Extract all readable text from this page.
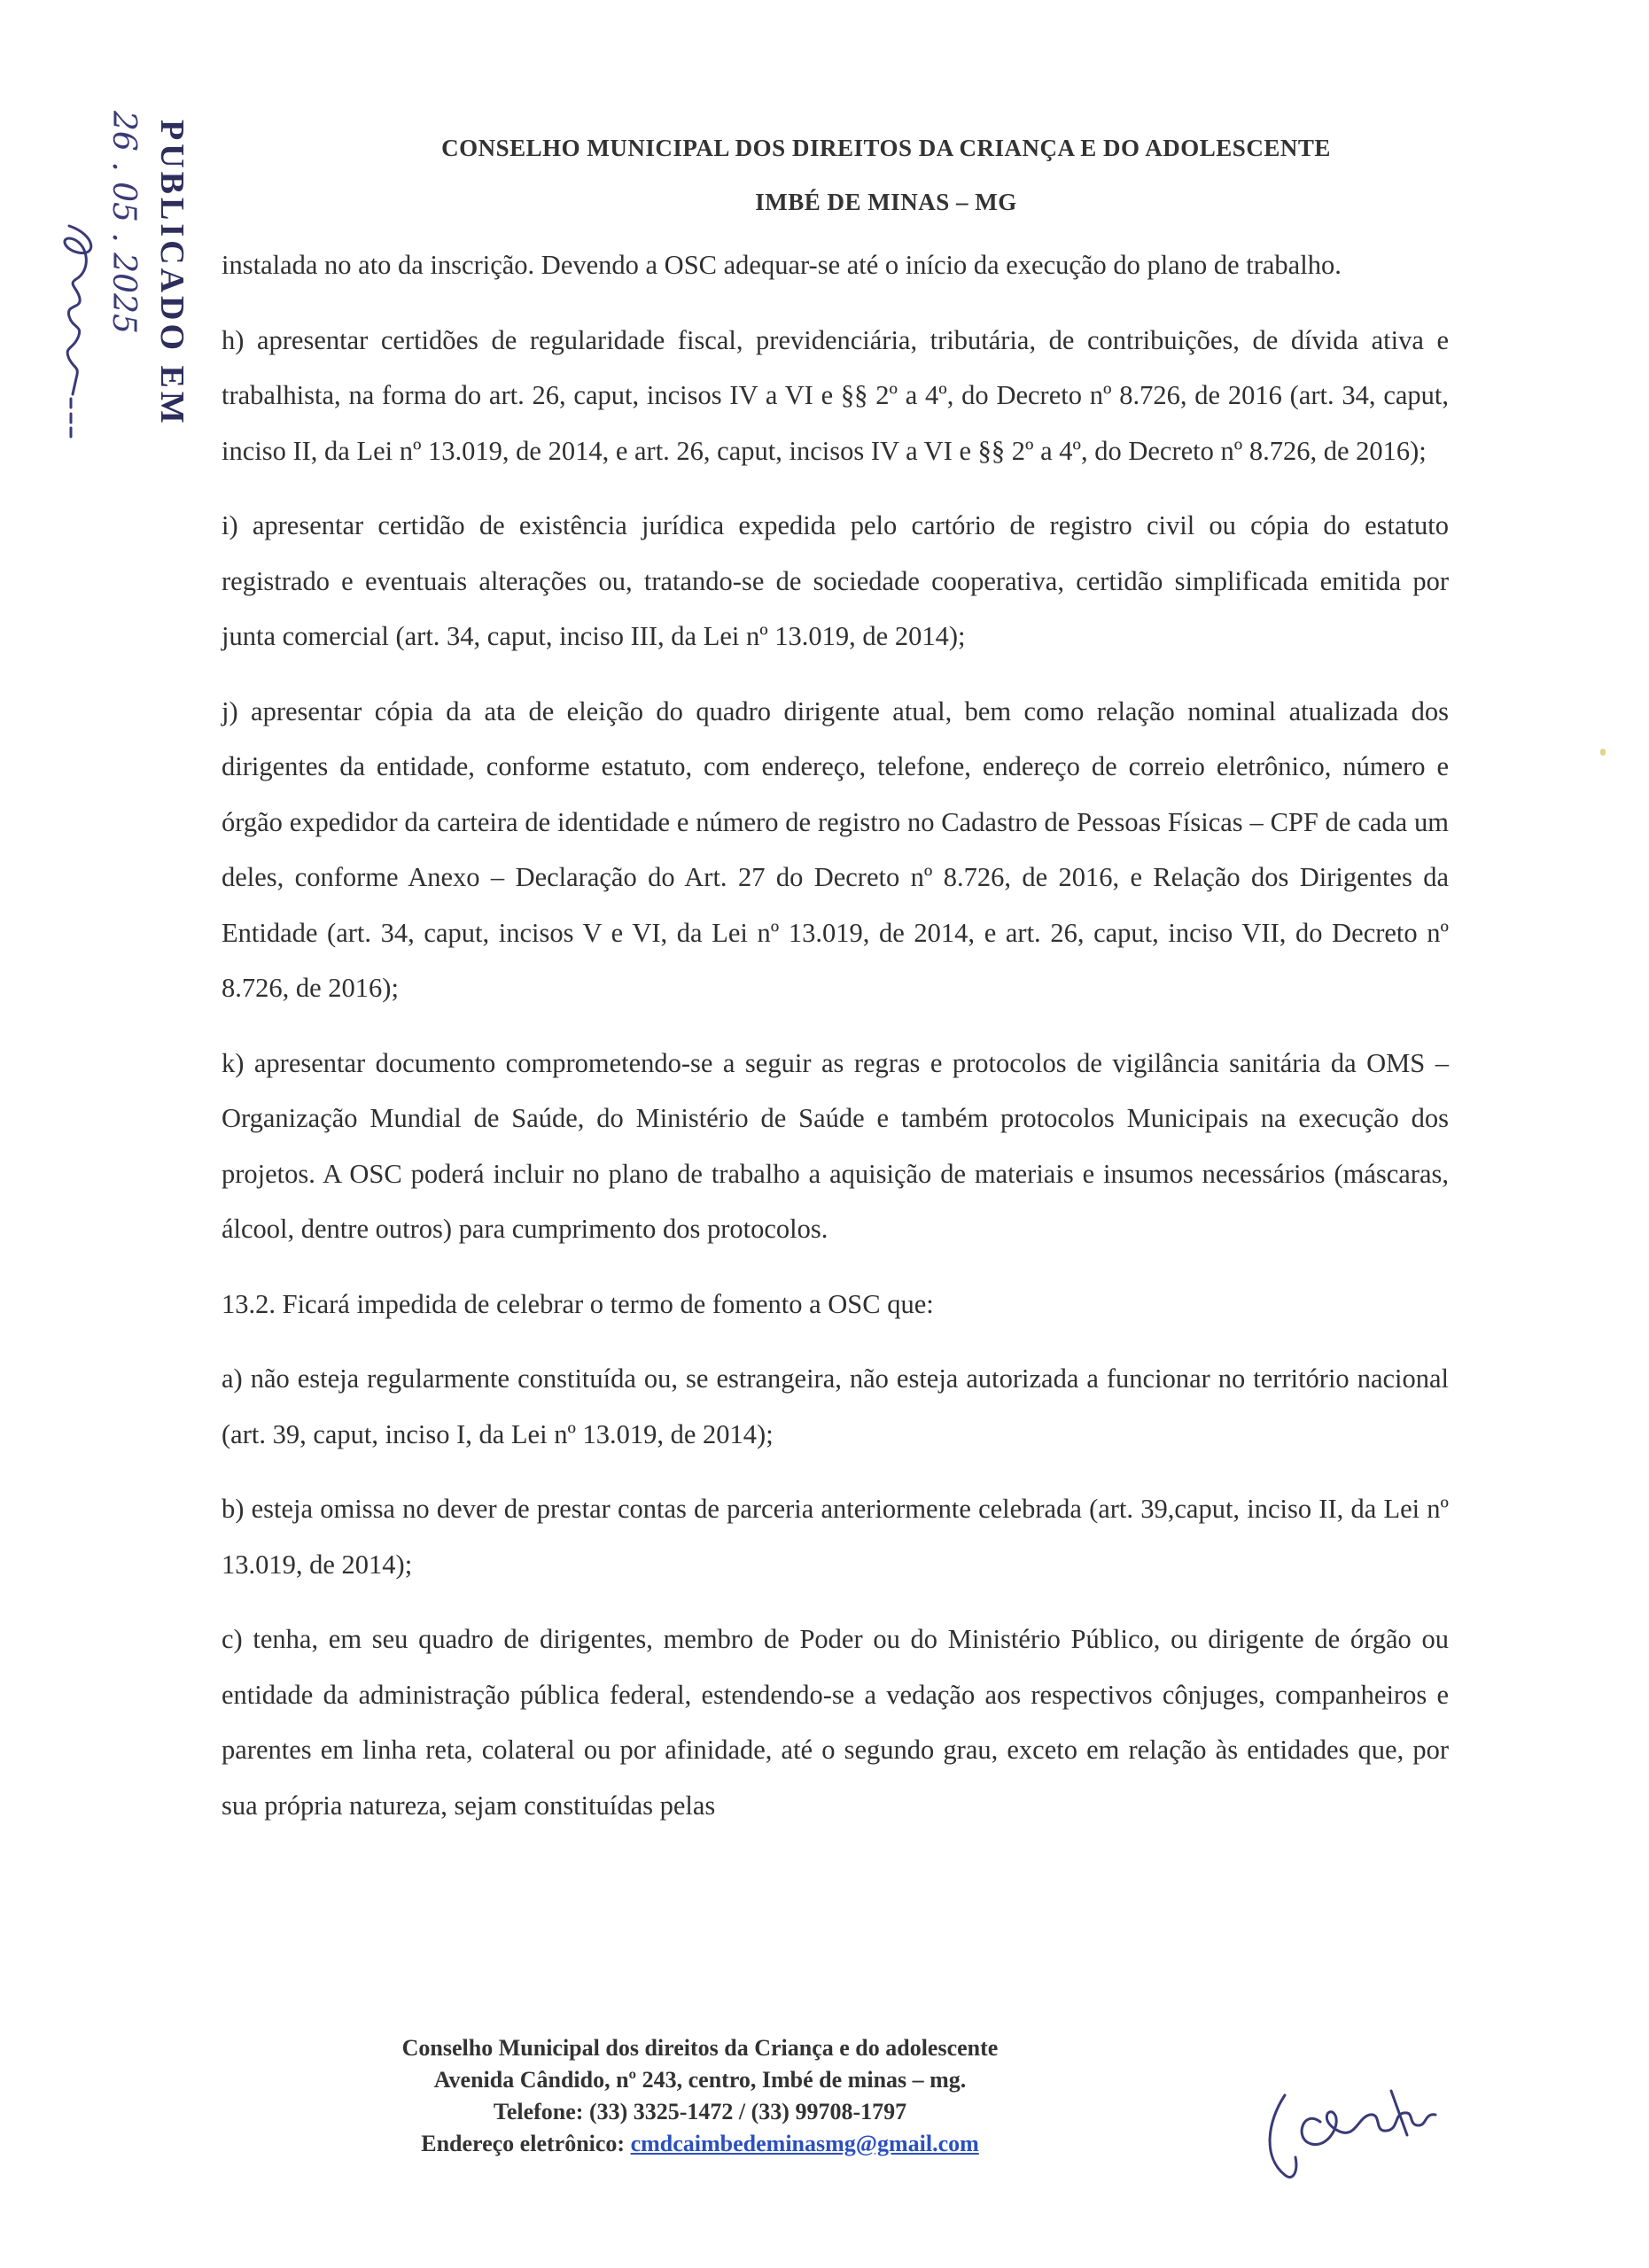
PUBLICADO EM
26 . 05 . 2025	CONSELHO MUNICIPAL DOS DIREITOS DA CRIANÇA E DO ADOLESCENTE
IMBÉ DE MINAS – MG

instalada no ato da inscrição. Devendo a OSC adequar-se até o início da execução do plano de trabalho.

h) apresentar certidões de regularidade fiscal, previdenciária, tributária, de contribuições, de dívida ativa e trabalhista, na forma do art. 26, caput, incisos IV a VI e §§ 2º a 4º, do Decreto nº 8.726, de 2016 (art. 34, caput, inciso II, da Lei nº 13.019, de 2014, e art. 26, caput, incisos IV a VI e §§ 2º a 4º, do Decreto nº 8.726, de 2016);

i) apresentar certidão de existência jurídica expedida pelo cartório de registro civil ou cópia do estatuto registrado e eventuais alterações ou, tratando-se de sociedade cooperativa, certidão simplificada emitida por junta comercial (art. 34, caput, inciso III, da Lei nº 13.019, de 2014);

j) apresentar cópia da ata de eleição do quadro dirigente atual, bem como relação nominal atualizada dos dirigentes da entidade, conforme estatuto, com endereço, telefone, endereço de correio eletrônico, número e órgão expedidor da carteira de identidade e número de registro no Cadastro de Pessoas Físicas – CPF de cada um deles, conforme Anexo – Declaração do Art. 27 do Decreto nº 8.726, de 2016, e Relação dos Dirigentes da Entidade (art. 34, caput, incisos V e VI, da Lei nº 13.019, de 2014, e art. 26, caput, inciso VII, do Decreto nº 8.726, de 2016);

k) apresentar documento comprometendo-se a seguir as regras e protocolos de vigilância sanitária da OMS – Organização Mundial de Saúde, do Ministério de Saúde e também protocolos Municipais na execução dos projetos. A OSC poderá incluir no plano de trabalho a aquisição de materiais e insumos necessários (máscaras, álcool, dentre outros) para cumprimento dos protocolos.

13.2. Ficará impedida de celebrar o termo de fomento a OSC que:

a) não esteja regularmente constituída ou, se estrangeira, não esteja autorizada a funcionar no território nacional (art. 39, caput, inciso I, da Lei nº 13.019, de 2014);

b) esteja omissa no dever de prestar contas de parceria anteriormente celebrada (art. 39,caput, inciso II, da Lei nº 13.019, de 2014);

c) tenha, em seu quadro de dirigentes, membro de Poder ou do Ministério Público, ou dirigente de órgão ou entidade da administração pública federal, estendendo-se a vedação aos respectivos cônjuges, companheiros e parentes em linha reta, colateral ou por afinidade, até o segundo grau, exceto em relação às entidades que, por sua própria natureza, sejam constituídas pelas

Conselho Municipal dos direitos da Criança e do adolescente
Avenida Cândido, nº 243, centro, Imbé de minas – mg.
Telefone: (33) 3325-1472 / (33) 99708-1797
Endereço eletrônico: cmdcaimbedeminasmg@gmail.com
